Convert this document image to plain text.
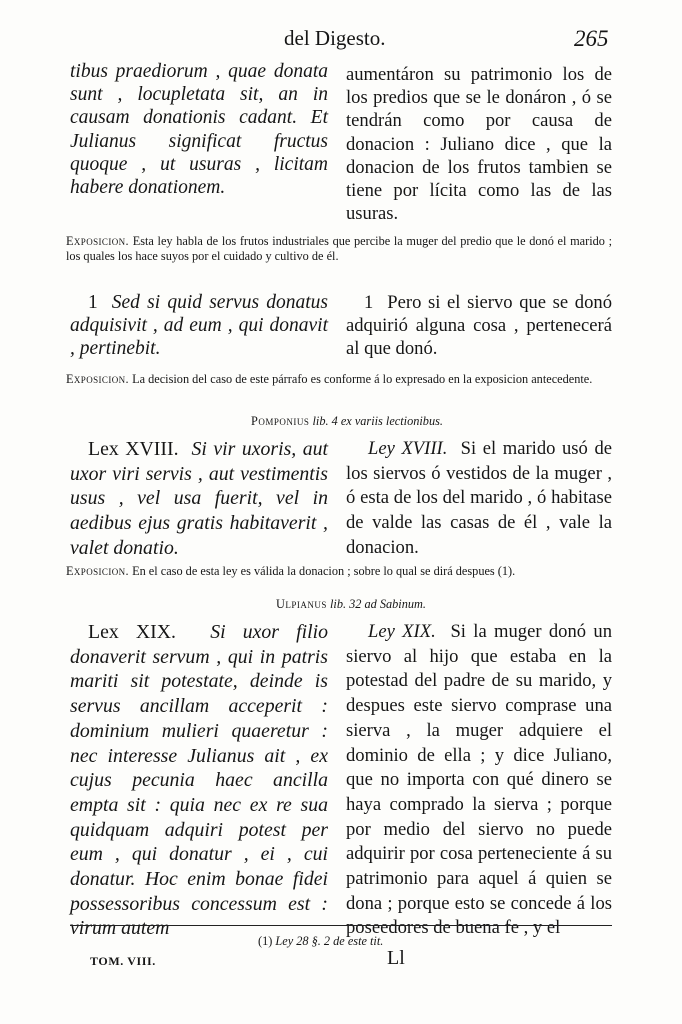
del Digesto.	265
tibus praediorum , quae donata sunt , locupletata sit, an in causam donationis cadant. Et Julianus significat fructus quoque , ut usuras , licitam habere donationem.
aumentáron su patrimonio los de los predios que se le donáron , ó se tendrán como por causa de donacion : Juliano dice , que la donacion de los frutos tambien se tiene por lícita como las de las usuras.
Exposicion. Esta ley habla de los frutos industriales que percibe la muger del predio que le donó el marido ; los quales los hace suyos por el cuidado y cultivo de él.
1 Sed si quid servus donatus adquisivit , ad eum , qui donavit , pertinebit.
1 Pero si el siervo que se donó adquirió alguna cosa , pertenecerá al que donó.
Exposicion. La decision del caso de este párrafo es conforme á lo expresado en la exposicion antecedente.
Pomponius lib. 4 ex variis lectionibus.
Lex XVIII. Si vir uxoris, aut uxor viri servis , aut vestimentis usus , vel usa fuerit, vel in aedibus ejus gratis habitaverit , valet donatio.
Ley XVIII. Si el marido usó de los siervos ó vestidos de la muger , ó esta de los del marido , ó habitase de valde las casas de él , vale la donacion.
Exposicion. En el caso de esta ley es válida la donacion ; sobre lo qual se dirá despues (1).
Ulpianus lib. 32 ad Sabinum.
Lex XIX. Si uxor filio donaverit servum , qui in patris mariti sit potestate, deinde is servus ancillam acceperit : dominium mulieri quaeretur : nec interesse Julianus ait , ex cujus pecunia haec ancilla empta sit : quia nec ex re sua quidquam adquiri potest per eum , qui donatur , ei , cui donatur. Hoc enim bonae fidei possessoribus concessum est : virum autem
Ley XIX. Si la muger donó un siervo al hijo que estaba en la potestad del padre de su marido, y despues este siervo comprase una sierva , la muger adquiere el dominio de ella ; y dice Juliano, que no importa con qué dinero se haya comprado la sierva ; porque por medio del siervo no puede adquirir por cosa perteneciente á su patrimonio para aquel á quien se dona ; porque esto se concede á los poseedores de buena fe , y el
(1) Ley 28 §. 2 de este tit.
TOM. VIII.	Ll
